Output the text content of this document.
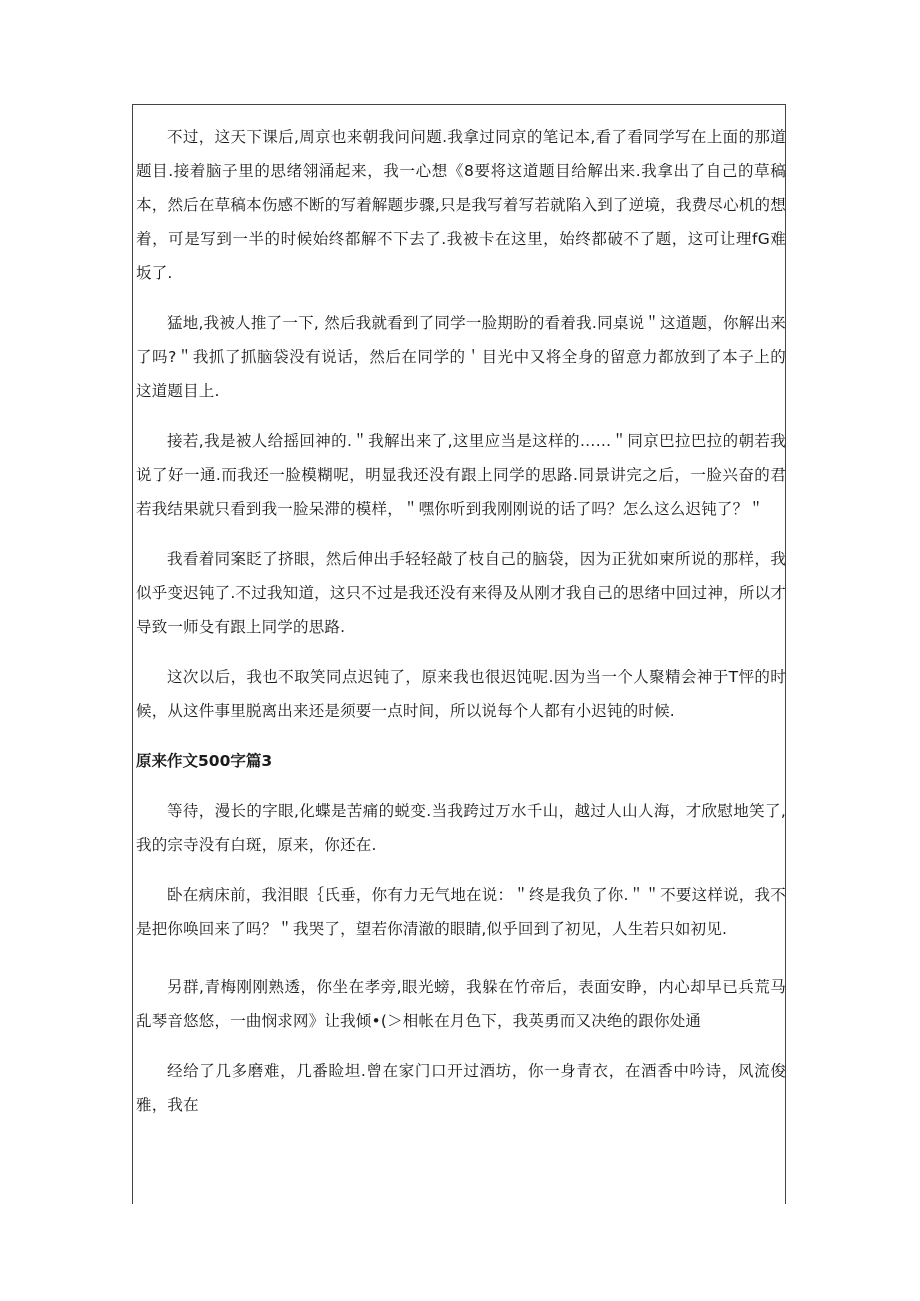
不过，这天下课后,周京也来朝我问问题.我拿过同京的笔记本,看了看同学写在上面的那道题目.接着脑子里的思绪翎涌起来，我一心想《8要将这道题目给解出来.我拿出了自己的草稿本，然后在草稿本伤感不断的写着解题步骤,只是我写着写若就陷入到了逆境，我费尽心机的想着，可是写到一半的时候始终都解不下去了.我被卡在这里，始终都破不了题，这可让理fG难坂了.

猛地,我被人推了一下, 然后我就看到了同学一脸期盼的看着我.同桌说＂这道题，你解出来了吗?＂我抓了抓脑袋没有说话，然后在同学的＇目光中又将全身的留意力都放到了本子上的这道题目上.

接若,我是被人给摇回神的.＂我解出来了,这里应当是这样的……＂同京巴拉巴拉的朝若我说了好一通.而我还一脸模糊呢，明显我还没有跟上同学的思路.同景讲完之后，一脸兴奋的君若我结果就只看到我一脸呆滞的模样，＂嘿你听到我刚刚说的话了吗？怎么这么迟钝了？＂

我看着同案眨了挤眼，然后伸出手轻轻敲了枝自己的脑袋，因为正犹如柬所说的那样，我似乎变迟钝了.不过我知道，这只不过是我还没有来得及从刚才我自己的思绪中回过神，所以才导致一师殳有跟上同学的思路.

这次以后，我也不取笑同点迟钝了，原来我也很迟饨呢.因为当一个人聚精会神于T怦的时候，从这件事里脱离出来还是须要一点时间，所以说每个人都有小迟钝的时候.

原来作文500字篇3

等待，漫长的字眼,化蝶是苦痛的蜕变.当我跨过万水千山，越过人山人海，才欣慰地笑了,我的宗寺没有白斑，原来，你还在.

卧在病床前，我泪眼｛氏垂，你有力无气地在说：＂终是我负了你.＂＂不要这样说，我不是把你唤回来了吗？＂我哭了，望若你清澈的眼睛,似乎回到了初见，人生若只如初见.

另群,青梅刚刚熟透，你坐在孝旁,眼光螃，我躲在竹帝后，表面安睁，内心却早已兵荒马乱琴音悠悠，一曲悯求网》让我倾•(＞相帐在月色下，我英勇而又决绝的跟你处通

经给了几多磨难，几番睑坦.曾在家门口开过酒坊，你一身青衣，在酒香中吟诗，风流俊雅，我在
